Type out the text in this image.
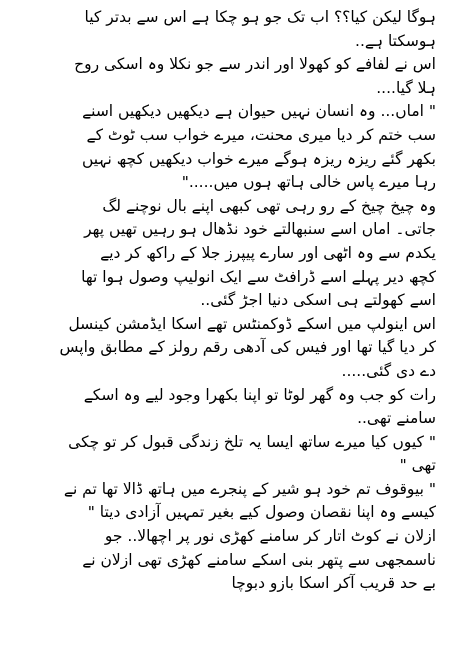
ہوگا لیکن کیا؟؟ اب تک جو ہو چکا ہے اس سے بدتر کیا
ہوسکتا ہے..
اس نے لفافے کو کھولا اور اندر سے جو نکلا وہ اسکی روح
ہلا گیا....
" اماں... وہ انسان نہیں حیوان ہے دیکھیں دیکھیں اسنے
سب ختم کر دیا میری محنت، میرے خواب سب ٹوٹ کے
بکھر گئے ریزہ ریزہ ہوگے میرے خواب دیکھیں کچھ نہیں
رہا میرے پاس خالی ہاتھ ہوں میں....."
وہ چیخ چیخ کے رو رہی تھی کبھی اپنے بال نوچنے لگ
جاتی۔ اماں اسے سنبھالتے خود نڈھال ہو رہیں تھیں پھر
یکدم سے وہ اٹھی اور سارے پیپرز جلا کے راکھ کر دیے
کچھ دیر پہلے اسے ڈرافٹ سے ایک انولیپ وصول ہوا تھا
اسے کھولتے ہی اسکی دنیا اجڑ گئی..
اس اینولپ میں اسکے ڈوکمنٹس تھے اسکا ایڈمشن کینسل
کر دیا گیا تھا اور فیس کی آدھی رقم رولز کے مطابق واپس
دے دی گئی.....
رات کو جب وہ گھر لوٹا تو اپنا بکھرا وجود لیے وہ اسکے
سامنے تھی..
" کیوں کیا میرے ساتھ ایسا یہ تلخ زندگی قبول کر تو چکی
تھی "
" بیوقوف تم خود ہو شیر کے پنجرے میں ہاتھ ڈالا تھا تم نے
کیسے وہ اپنا نقصان وصول کیے بغیر تمہیں آزادی دیتا "
ازلان نے کوٹ اتار کر سامنے کھڑی نور پر اچھالا.. جو
ناسمجھی سے پتھر بنی اسکے سامنے کھڑی تھی ازلان نے
بے حد قریب آکر اسکا بازو دبوچا
